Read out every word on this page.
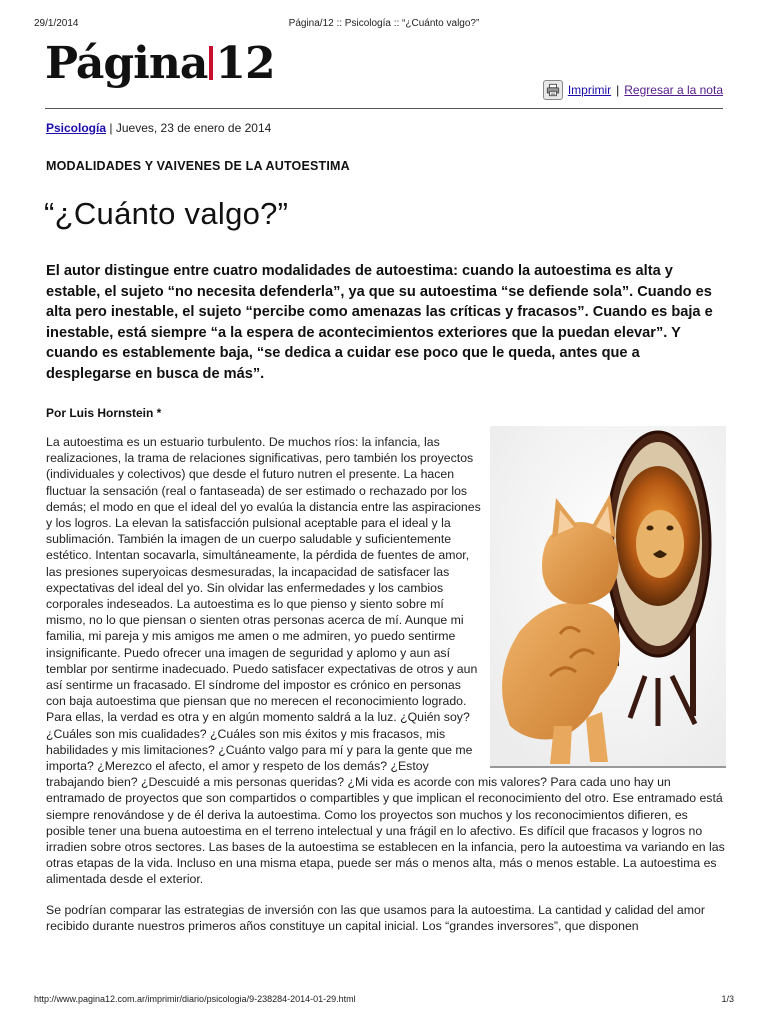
29/1/2014	Página/12 :: Psicología :: “¿Cuánto valgo?”
Página 12
Imprimir | Regresar a la nota
Psicología | Jueves, 23 de enero de 2014
MODALIDADES Y VAIVENES DE LA AUTOESTIMA
“¿Cuánto valgo?”

El autor distingue entre cuatro modalidades de autoestima: cuando la autoestima es alta y estable, el sujeto “no necesita defenderla”, ya que su autoestima “se defiende sola”. Cuando es alta pero inestable, el sujeto “percibe como amenazas las críticas y fracasos”. Cuando es baja e inestable, está siempre “a la espera de acontecimientos exteriores que la puedan elevar”. Y cuando es establemente baja, “se dedica a cuidar ese poco que le queda, antes que a desplegarse en busca de más”.

Por Luis Hornstein *

La autoestima es un estuario turbulento. De muchos ríos: la infancia, las realizaciones, la trama de relaciones significativas, pero también los proyectos (individuales y colectivos) que desde el futuro nutren el presente. La hacen fluctuar la sensación (real o fantaseada) de ser estimado o rechazado por los demás; el modo en que el ideal del yo evalúa la distancia entre las aspiraciones y los logros. La elevan la satisfacción pulsional aceptable para el ideal y la sublimación. También la imagen de un cuerpo saludable y suficientemente estético. Intentan socavarla, simultáneamente, la pérdida de fuentes de amor, las presiones superyoicas desmesuradas, la incapacidad de satisfacer las expectativas del ideal del yo. Sin olvidar las enfermedades y los cambios corporales indeseados. La autoestima es lo que pienso y siento sobre mí mismo, no lo que piensan o sienten otras personas acerca de mí. Aunque mi familia, mi pareja y mis amigos me amen o me admiren, yo puedo sentirme insignificante. Puedo ofrecer una imagen de seguridad y aplomo y aun así temblar por sentirme inadecuado. Puedo satisfacer expectativas de otros y aun así sentirme un fracasado. El síndrome del impostor es crónico en personas con baja autoestima que piensan que no merecen el reconocimiento logrado. Para ellas, la verdad es otra y en algún momento saldrá a la luz. ¿Quién soy? ¿Cuáles son mis cualidades? ¿Cuáles son mis éxitos y mis fracasos, mis habilidades y mis limitaciones? ¿Cuánto valgo para mí y para la gente que me importa? ¿Merezco el afecto, el amor y respeto de los demás? ¿Estoy trabajando bien? ¿Descuidé a mis personas queridas? ¿Mi vida es acorde con mis valores? Para cada uno hay un entramado de proyectos que son compartidos o compartibles y que implican el reconocimiento del otro. Ese entramado está siempre renovándose y de él deriva la autoestima. Como los proyectos son muchos y los reconocimientos difieren, es posible tener una buena autoestima en el terreno intelectual y una frágil en lo afectivo. Es difícil que fracasos y logros no irradien sobre otros sectores. Las bases de la autoestima se establecen en la infancia, pero la autoestima va variando en las otras etapas de la vida. Incluso en una misma etapa, puede ser más o menos alta, más o menos estable. La autoestima es alimentada desde el exterior.

Se podrían comparar las estrategias de inversión con las que usamos para la autoestima. La cantidad y calidad del amor recibido durante nuestros primeros años constituye un capital inicial. Los “grandes inversores”, que disponen

http://www.pagina12.com.ar/imprimir/diario/psicologia/9-238284-2014-01-29.html	1/3
